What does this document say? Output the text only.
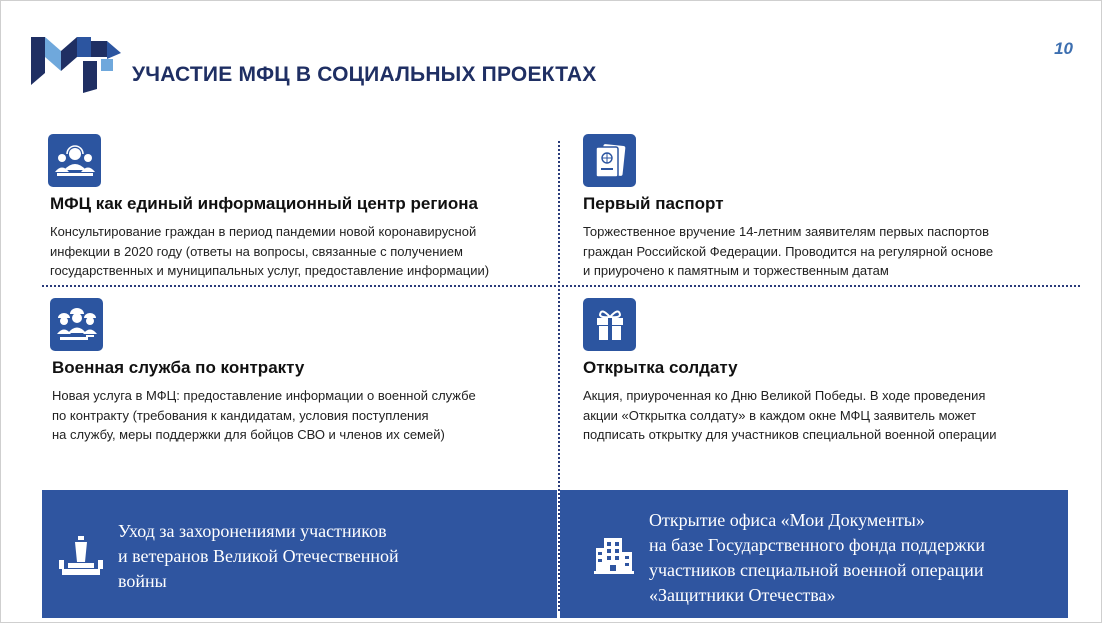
УЧАСТИЕ МФЦ В СОЦИАЛЬНЫХ ПРОЕКТАХ
10
МФЦ как единый информационный центр региона
Консультирование граждан в период пандемии новой коронавирусной
инфекции в 2020 году (ответы на вопросы, связанные с получением
государственных и муниципальных услуг, предоставление информации)
Первый паспорт
Торжественное вручение 14-летним заявителям первых паспортов
граждан Российской Федерации. Проводится на регулярной основе
и приурочено к памятным и торжественным датам
Военная служба по контракту
Новая услуга в МФЦ: предоставление информации о военной службе
по контракту (требования к кандидатам, условия поступления
на службу, меры поддержки для бойцов СВО и членов их семей)
Открытка солдату
Акция, приуроченная ко Дню Великой Победы. В ходе проведения
акции «Открытка солдату» в каждом окне МФЦ заявитель может
подписать открытку для участников специальной военной операции
Уход за захоронениями участников
и ветеранов Великой Отечественной
войны
Открытие офиса «Мои Документы»
на базе Государственного фонда поддержки
участников специальной военной операции
«Защитники Отечества»
